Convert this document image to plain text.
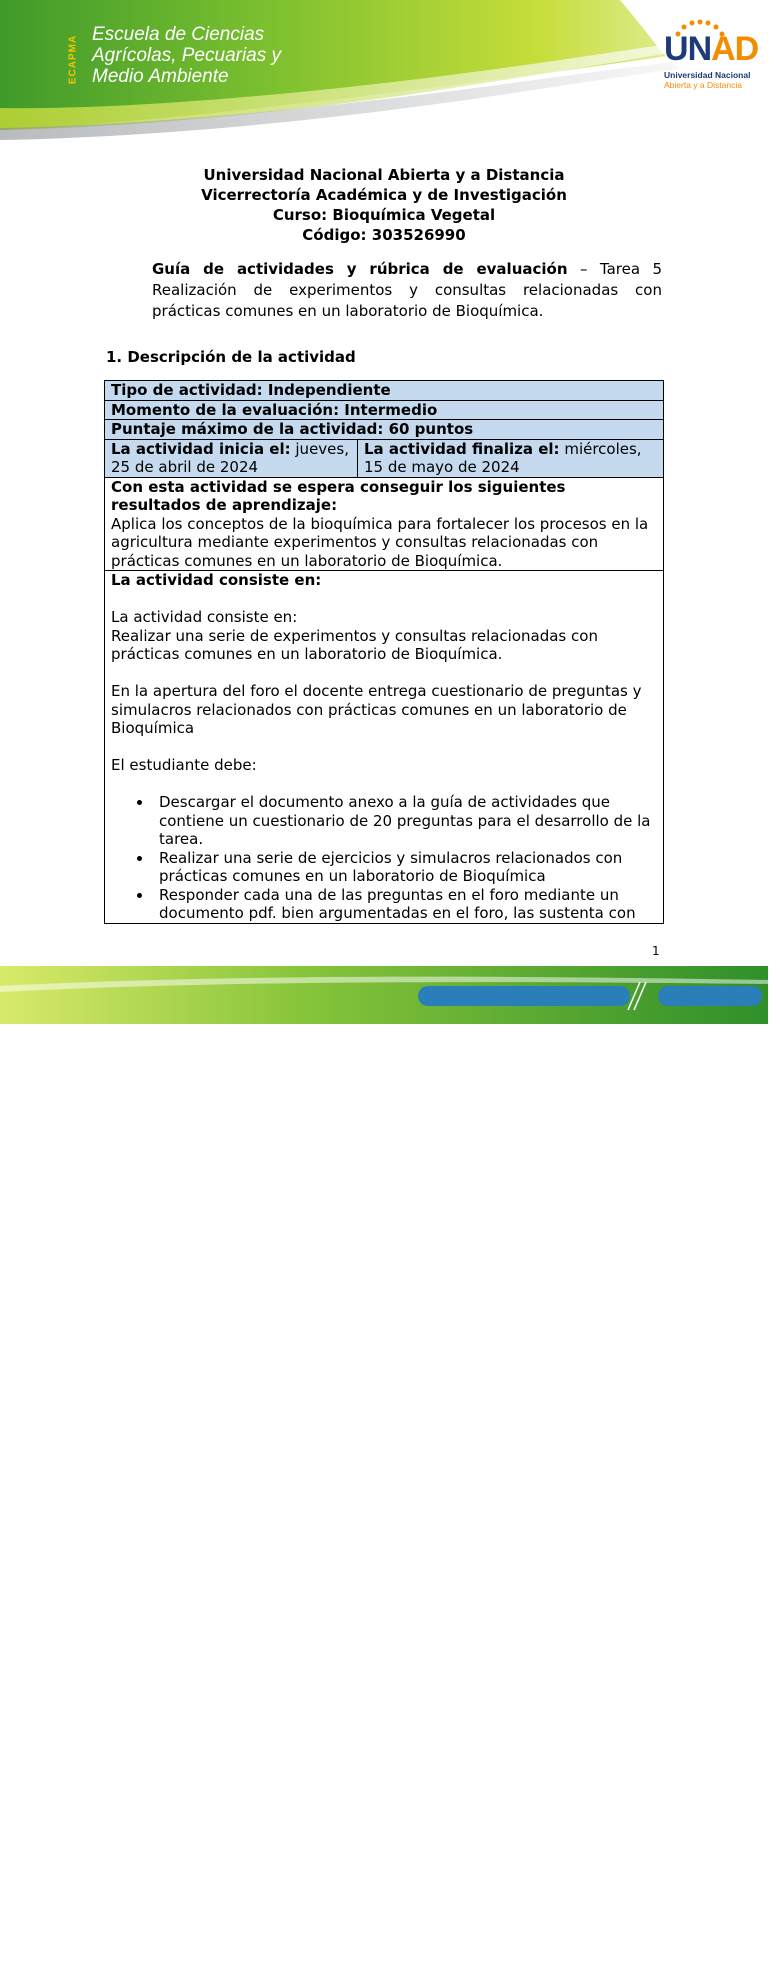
ECAPMA
Escuela de Ciencias
Agrícolas, Pecuarias y
Medio Ambiente
UNAD
Universidad Nacional
Abierta y a Distancia
Universidad Nacional Abierta y a Distancia
Vicerrectoría Académica y de Investigación
Curso: Bioquímica Vegetal
Código: 303526990
Guía de actividades y rúbrica de evaluación – Tarea 5 Realización de experimentos y consultas relacionadas con prácticas comunes en un laboratorio de Bioquímica.
1. Descripción de la actividad
Tipo de actividad: Independiente
Momento de la evaluación: Intermedio
Puntaje máximo de la actividad: 60 puntos
La actividad inicia el: jueves, 25 de abril de 2024	La actividad finaliza el: miércoles, 15 de mayo de 2024

Con esta actividad se espera conseguir los siguientes resultados de aprendizaje:
Aplica los conceptos de la bioquímica para fortalecer los procesos en la agricultura mediante experimentos y consultas relacionadas con prácticas comunes en un laboratorio de Bioquímica.

La actividad consiste en:
La actividad consiste en:
Realizar una serie de experimentos y consultas relacionadas con prácticas comunes en un laboratorio de Bioquímica.
En la apertura del foro el docente entrega cuestionario de preguntas y simulacros relacionados con prácticas comunes en un laboratorio de Bioquímica
El estudiante debe:
• Descargar el documento anexo a la guía de actividades que contiene un cuestionario de 20 preguntas para el desarrollo de la tarea.
• Realizar una serie de ejercicios y simulacros relacionados con prácticas comunes en un laboratorio de Bioquímica
• Responder cada una de las preguntas en el foro mediante un documento pdf. bien argumentadas en el foro, las sustenta con
1
Prohibida su reproducción y copia sin autorización de la UNAD.	UNAD © 2020 derechos reservados.
